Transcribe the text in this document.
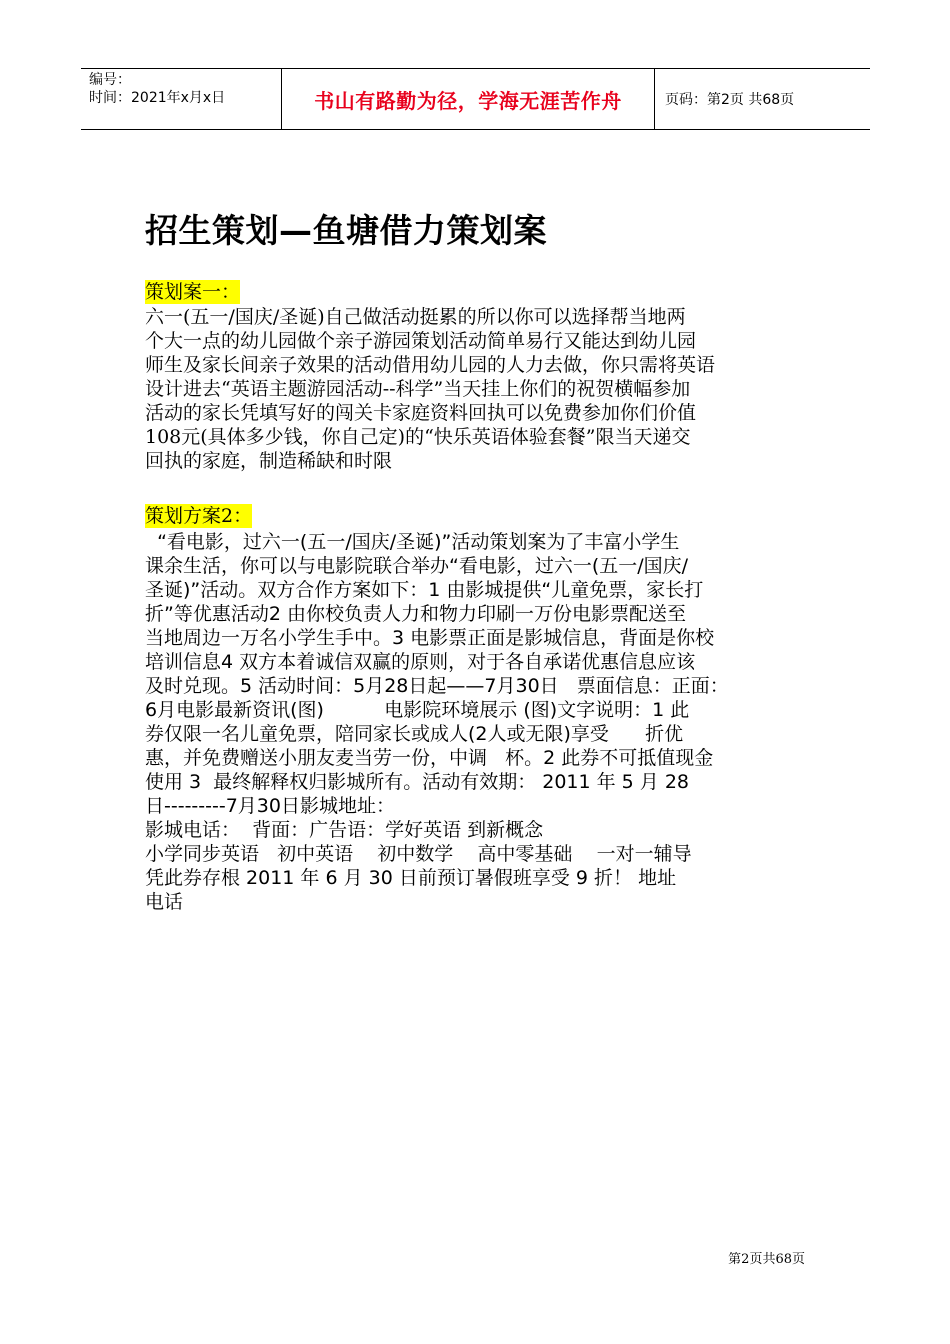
编号：
时间：2021年x月x日	书山有路勤为径，学海无涯苦作舟	页码：第2页 共68页
招生策划—鱼塘借力策划案
策划案一：
六一(五一/国庆/圣诞)自己做活动挺累的所以你可以选择帮当地两
个大一点的幼儿园做个亲子游园策划活动简单易行又能达到幼儿园
师生及家长间亲子效果的活动借用幼儿园的人力去做，你只需将英语
设计进去“英语主题游园活动--科学”当天挂上你们的祝贺横幅参加
活动的家长凭填写好的闯关卡家庭资料回执可以免费参加你们价值
108元(具体多少钱，你自己定)的“快乐英语体验套餐”限当天递交
回执的家庭，制造稀缺和时限
策划方案2：
“看电影，过六一(五一/国庆/圣诞)”活动策划案为了丰富小学生
课余生活，你可以与电影院联合举办“看电影，过六一(五一/国庆/
圣诞)”活动。双方合作方案如下：1 由影城提供“儿童免票，家长打
折”等优惠活动2 由你校负责人力和物力印刷一万份电影票配送至
当地周边一万名小学生手中。3 电影票正面是影城信息，背面是你校
培训信息4 双方本着诚信双赢的原则，对于各自承诺优惠信息应该
及时兑现。5 活动时间：5月28日起——7月30日   票面信息：正面：
6月电影最新资讯(图)          电影院环境展示 (图)文字说明：1 此
券仅限一名儿童免票，陪同家长或成人(2人或无限)享受      折优
惠，并免费赠送小朋友麦当劳一份，中调   杯。2 此券不可抵值现金
使用 3  最终解释权归影城所有。活动有效期： 2011 年 5 月 28
日---------7月30日影城地址：
影城电话：  背面：广告语：学好英语 到新概念
小学同步英语   初中英语    初中数学    高中零基础    一对一辅导
凭此券存根 2011 年 6 月 30 日前预订暑假班享受 9 折！ 地址
电话
第2页共68页
